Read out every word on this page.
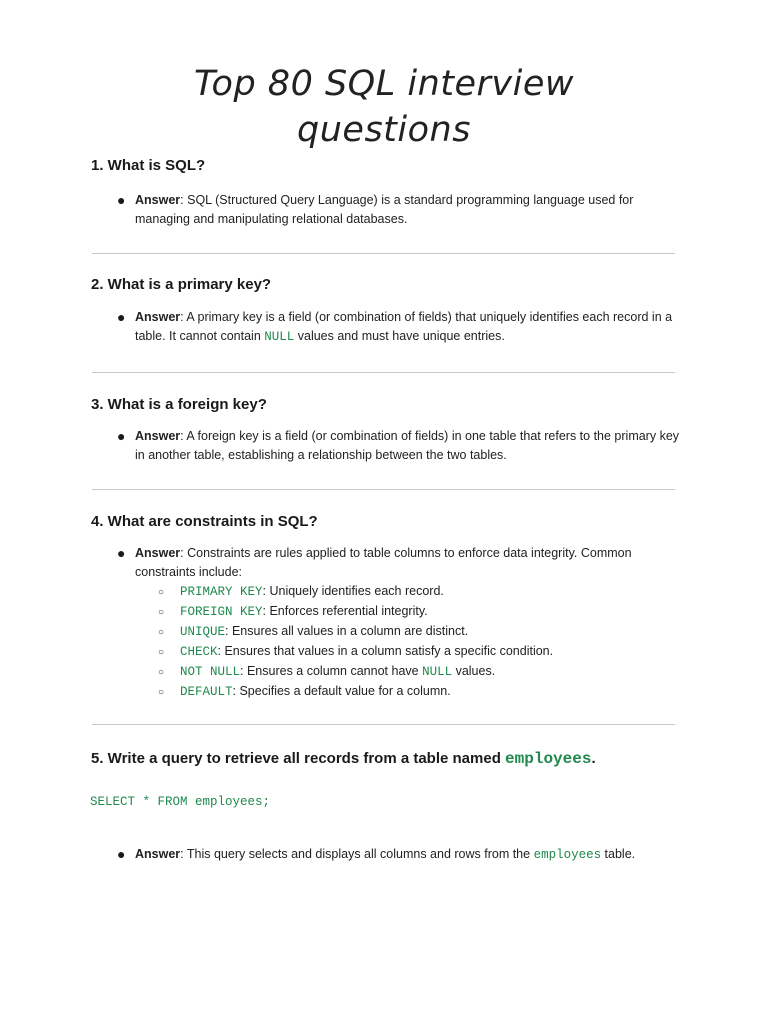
Top 80 SQL interview
questions
1. What is SQL?
● Answer: SQL (Structured Query Language) is a standard programming language used for managing and manipulating relational databases.
2. What is a primary key?
● Answer: A primary key is a field (or combination of fields) that uniquely identifies each record in a table. It cannot contain NULL values and must have unique entries.
3. What is a foreign key?
● Answer: A foreign key is a field (or combination of fields) in one table that refers to the primary key in another table, establishing a relationship between the two tables.
4. What are constraints in SQL?
● Answer: Constraints are rules applied to table columns to enforce data integrity. Common constraints include:
○ PRIMARY KEY: Uniquely identifies each record.
○ FOREIGN KEY: Enforces referential integrity.
○ UNIQUE: Ensures all values in a column are distinct.
○ CHECK: Ensures that values in a column satisfy a specific condition.
○ NOT NULL: Ensures a column cannot have NULL values.
○ DEFAULT: Specifies a default value for a column.
5. Write a query to retrieve all records from a table named employees.
SELECT * FROM employees;
● Answer: This query selects and displays all columns and rows from the employees table.
